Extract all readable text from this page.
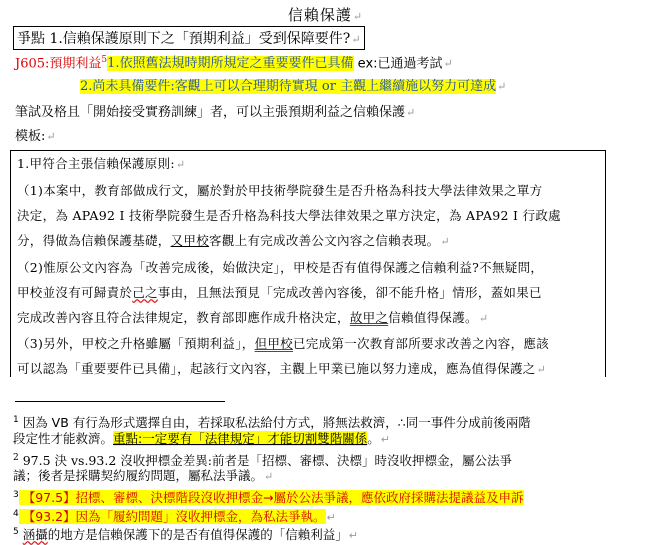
信賴保護↵
爭點 1.信賴保護原則下之「預期利益」受到保障要件?↵
J605:預期利益$^5$1.依照舊法規時期所規定之重要要件已具備 ex:已通過考試↵
2.尚未具備要件:客觀上可以合理期待實現 or 主觀上繼續施以努力可達成↵
筆試及格且「開始接受實務訓練」者，可以主張預期利益之信賴保護↵
模板:↵
1.甲符合主張信賴保護原則:↵
（1)本案中，教育部做成行文，屬於對於甲技術學院發生是否升格為科技大學法律效果之單方
決定，為 APA92 I 技術學院發生是否升格為科技大學法律效果之單方決定，為 APA92 I 行政處
分，得做為信賴保護基礎，又甲校客觀上有完成改善公文內容之信賴表現。↵
（2)惟原公文內容為「改善完成後，始做決定」，甲校是否有值得保護之信賴利益?不無疑問，
甲校並沒有可歸責於己之事由，且無法預見「完成改善內容後，卻不能升格」情形，蓋如果已
完成改善內容且符合法律規定，教育部即應作成升格決定，故甲之信賴值得保護。↵
（3)另外，甲校之升格雖屬「預期利益」，但甲校已完成第一次教育部所要求改善之內容，應該
可以認為「重要要件已具備」，起該行文內容，主觀上甲業已施以努力達成，應為值得保護之↵
$^1$ 因為 VB 有行為形式選擇自由，若採取私法給付方式，將無法救濟，∴同一事件分成前後兩階
段定性才能救濟。重點:一定要有「法律規定」才能切割雙階關係。↵
$^2$ 97.5 決 vs.93.2 沒收押標金差異:前者是「招標、審標、決標」時沒收押標金，屬公法爭
議；後者是採購契約履約問題，屬私法爭議。↵
$^3$ 【97.5】招標、審標、決標階段沒收押標金→屬於公法爭議，應依政府採購法提議益及申訴
$^4$ 【93.2】因為「履約問題」沒收押標金，為私法爭執。↵
$^5$ 涵攝的地方是信賴保護下的是否有值得保護的「信賴利益」↵
